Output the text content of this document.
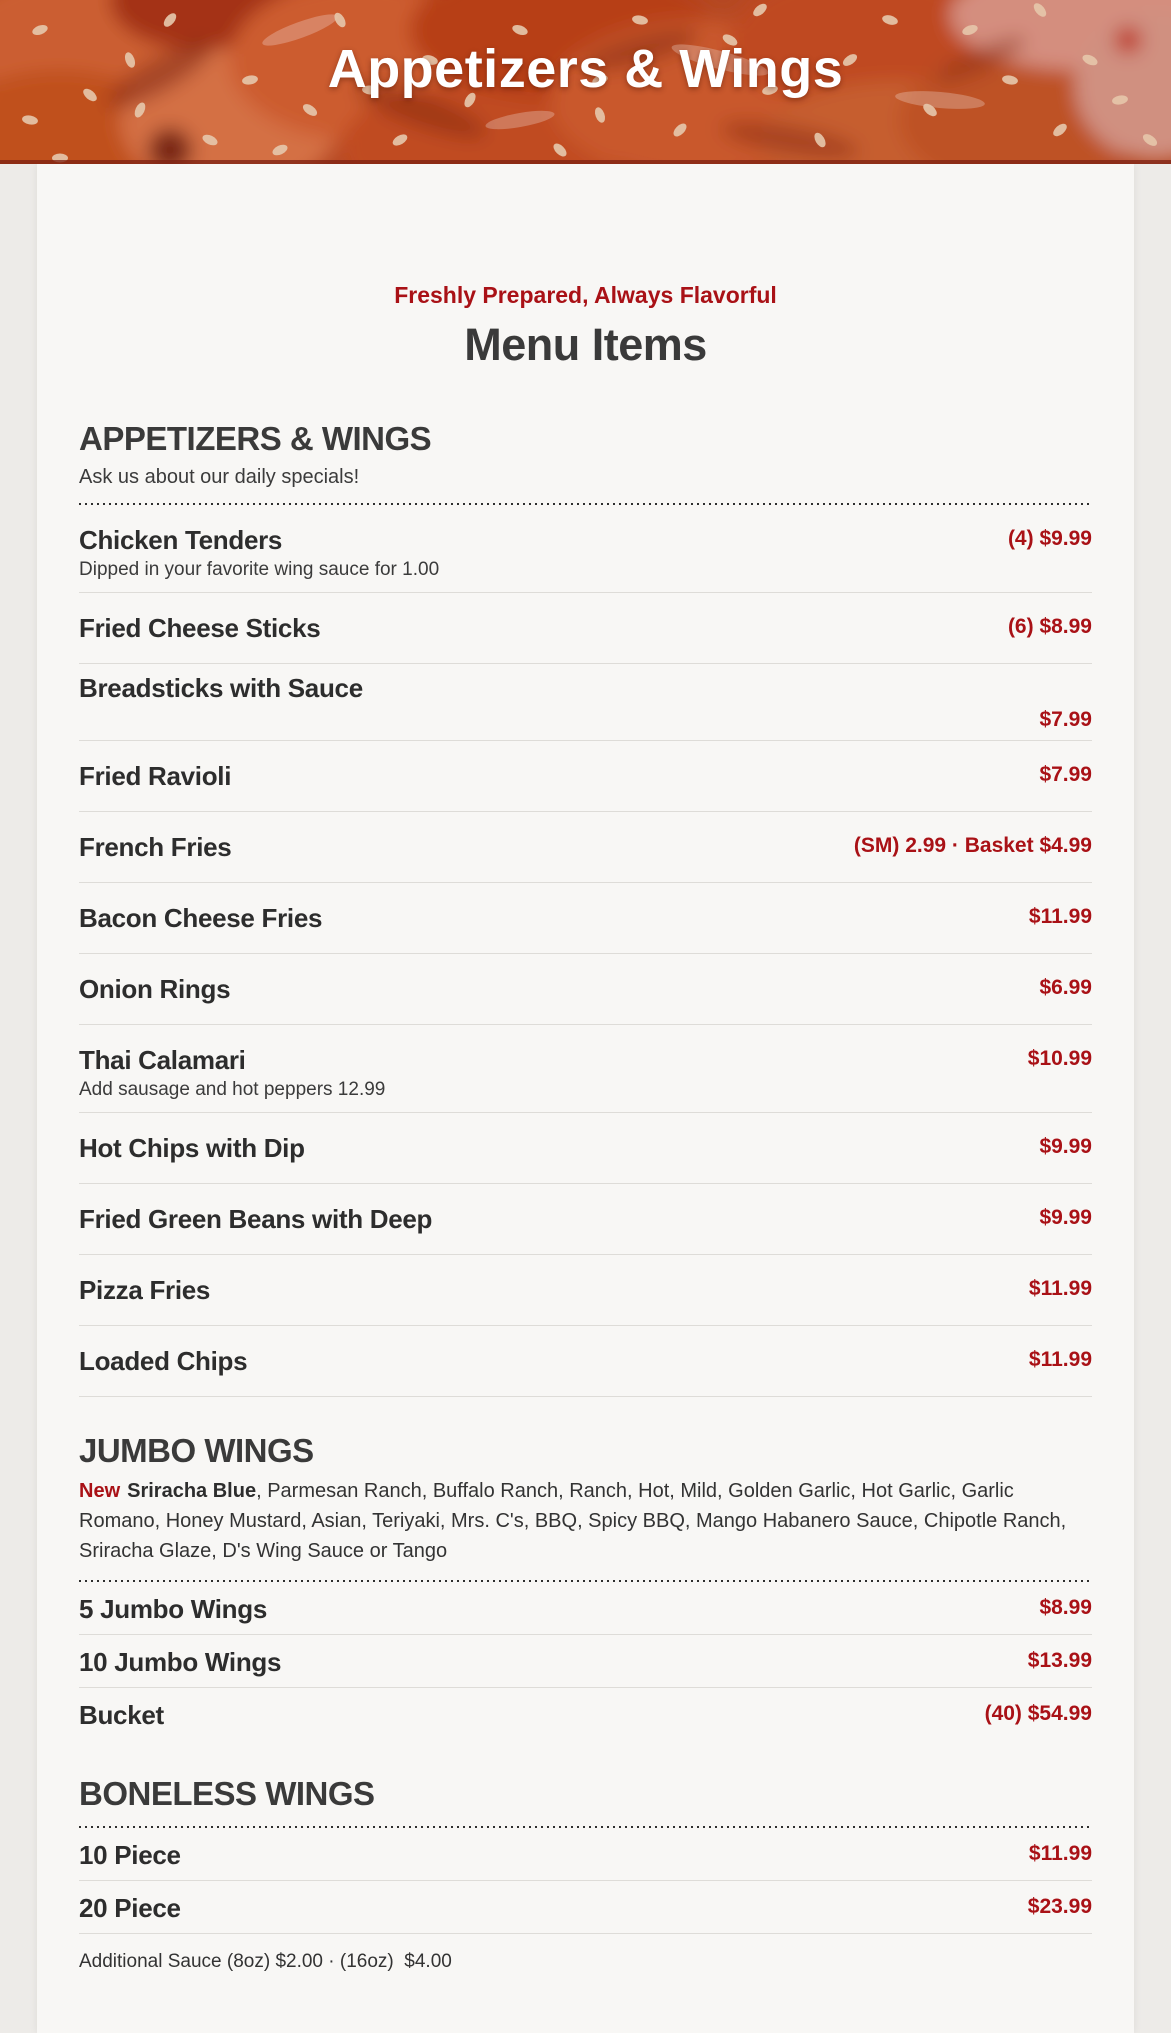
Appetizers & Wings

Freshly Prepared, Always Flavorful

Menu Items
APPETIZERS & WINGS

Ask us about our daily specials!

Chicken Tenders	(4) $9.99

Dipped in your favorite wing sauce for 1.00

Fried Cheese Sticks	(6) $8.99
Breadsticks with Sauce
$7.99
Fried Ravioli	$7.99
French Fries	(SM) 2.99 · Basket $4.99
Bacon Cheese Fries	$11.99
Onion Rings	$6.99
Thai Calamari	$10.99

Add sausage and hot peppers 12.99

Hot Chips with Dip	$9.99
Fried Green Beans with Deep	$9.99
Pizza Fries	$11.99
Loaded Chips	$11.99
JUMBO WINGS

New Sriracha Blue, Parmesan Ranch, Buffalo Ranch, Ranch, Hot, Mild, Golden Garlic, Hot Garlic, Garlic Romano, Honey Mustard, Asian, Teriyaki, Mrs. C's, BBQ, Spicy BBQ, Mango Habanero Sauce, Chipotle Ranch, Sriracha Glaze, D's Wing Sauce or Tango

5 Jumbo Wings	$8.99
10 Jumbo Wings	$13.99
Bucket	(40) $54.99
BONELESS WINGS
10 Piece	$11.99
20 Piece	$23.99

Additional Sauce (8oz) $2.00 · (16oz)  $4.00
